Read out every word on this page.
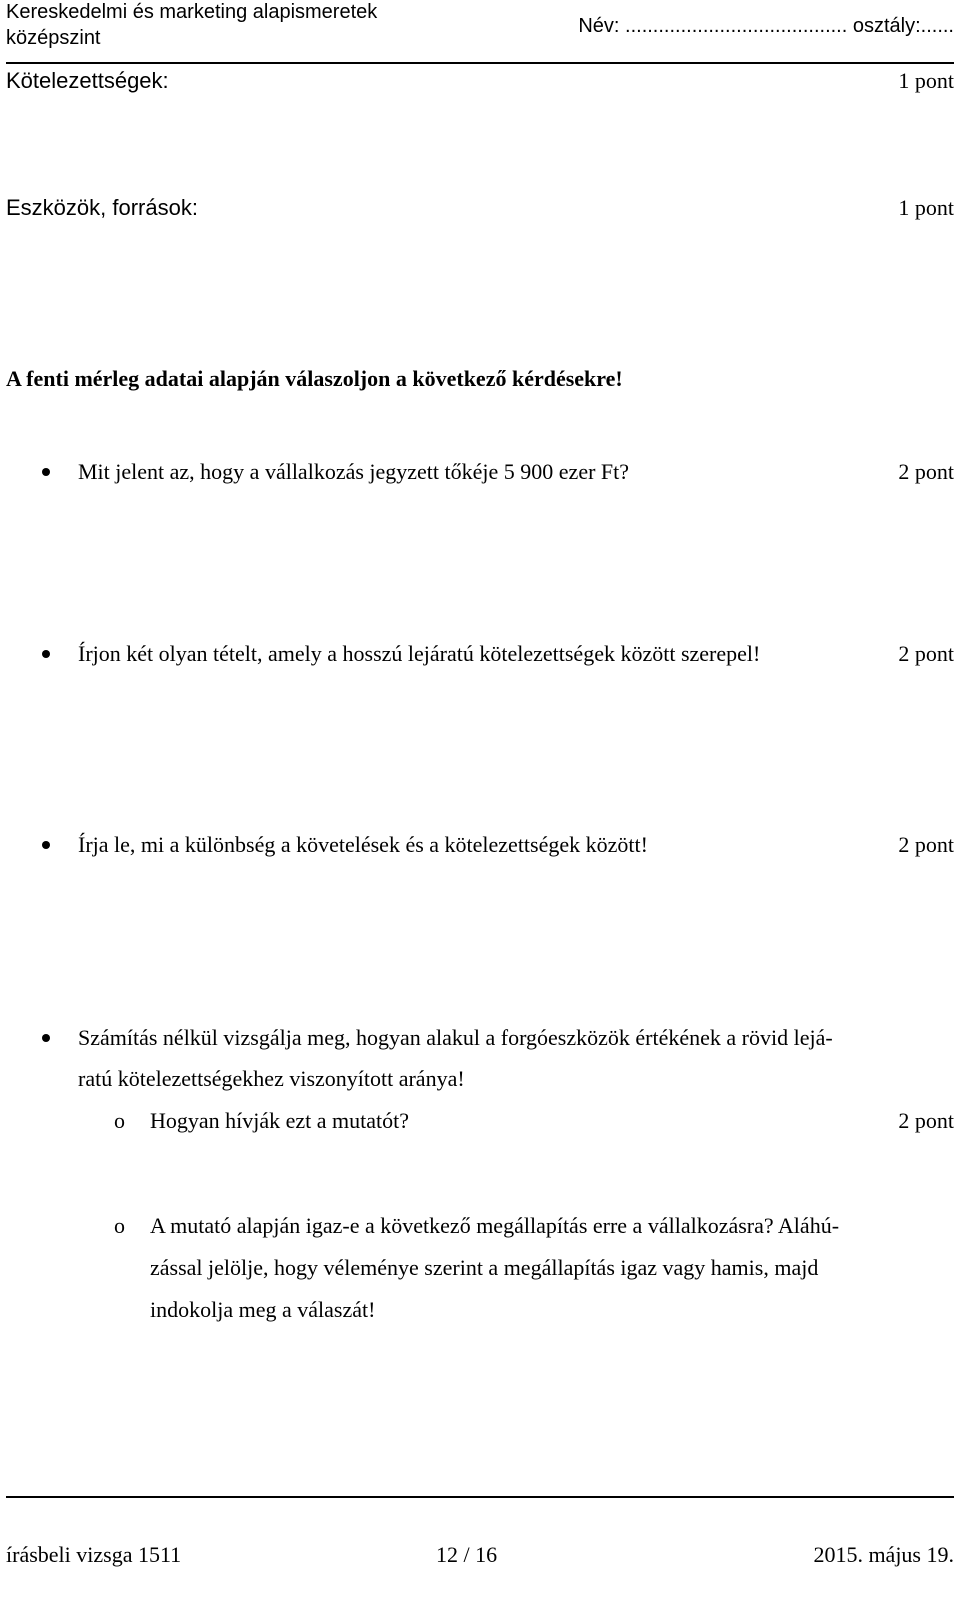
Kereskedelmi és marketing alapismeretek
középszint
Név: ........................................ osztály:......
Kötelezettségek:	1 pont
Eszközök, források:	1 pont
A fenti mérleg adatai alapján válaszoljon a következő kérdésekre!
Mit jelent az, hogy a vállalkozás jegyzett tőkéje 5 900 ezer Ft?	2 pont
Írjon két olyan tételt, amely a hosszú lejáratú kötelezettségek között szerepel!	2 pont
Írja le, mi a különbség a követelések és a kötelezettségek között!	2 pont
Számítás nélkül vizsgálja meg, hogyan alakul a forgóeszközök értékének a rövid lejá-
ratú kötelezettségekhez viszonyított aránya!
o Hogyan hívják ezt a mutatót?	2 pont
o A mutató alapján igaz-e a következő megállapítás erre a vállalkozásra? Aláhú-
zással jelölje, hogy véleménye szerint a megállapítás igaz vagy hamis, majd
indokolja meg a válaszát!
írásbeli vizsga 1511	12 / 16	2015. május 19.
